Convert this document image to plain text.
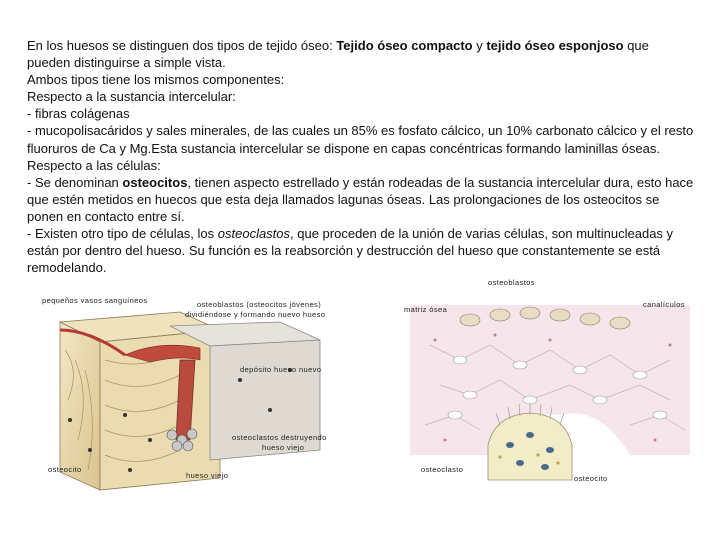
En los huesos se distinguen dos tipos de tejido óseo: Tejido óseo compacto y tejido óseo esponjoso que pueden distinguirse a simple vista.

Ambos tipos tiene los mismos componentes:

Respecto a la sustancia intercelular:

- fibras colágenas

- mucopolisacáridos y sales minerales, de las cuales un 85% es fosfato cálcico, un 10% carbonato cálcico y el resto fluoruros de Ca y Mg.Esta sustancia intercelular se dispone en capas concéntricas formando laminillas óseas.

Respecto a las células:

- Se denominan osteocitos, tienen aspecto estrellado y están rodeadas de la sustancia intercelular dura, esto hace que estén metidos en huecos que esta deja llamados lagunas óseas. Las prolongaciones de los osteocitos se ponen en contacto entre sí.

- Existen otro tipo de células, los osteoclastos, que proceden de la unión de varias células, son multinucleadas y están por dentro del hueso. Su función es la reabsorción y destrucción del hueso que constantemente se está remodelando.

pequeños vasos sanguíneos	osteoblastos (osteocitos jóvenes)
dividiéndose y formando nuevo hueso
depósito hueso nuevo
osteoclastos destruyendo
hueso viejo
osteocito
hueso viejo
osteoblastos
matriz ósea
canalículos
osteoclasto
osteocito
